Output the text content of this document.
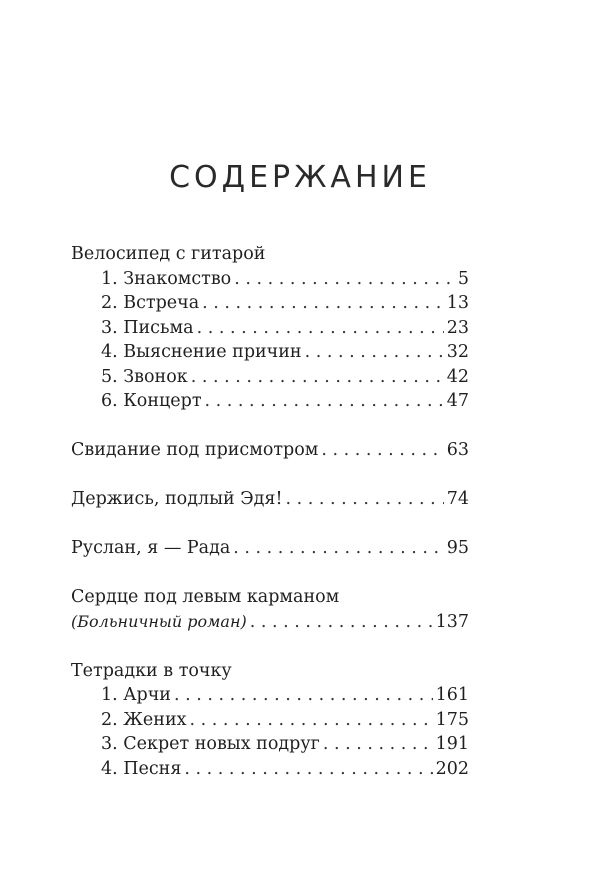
СОДЕРЖАНИЕ
Велосипед с гитарой
1. Знакомство . . .	5
2. Встреча . . .	13
3. Письма . . .	23
4. Выяснение причин . . .	32
5. Звонок . . .	42
6. Концерт . . .	47
Свидание под присмотром . . .	63
Держись, подлый Эдя! . . .	74
Руслан, я — Рада . . .	95
Сердце под левым карманом
(Больничный роман) . . .	137
Тетрадки в точку
1. Арчи . . .	161
2. Жених . . .	175
3. Секрет новых подруг . . .	191
4. Песня . . .	202
